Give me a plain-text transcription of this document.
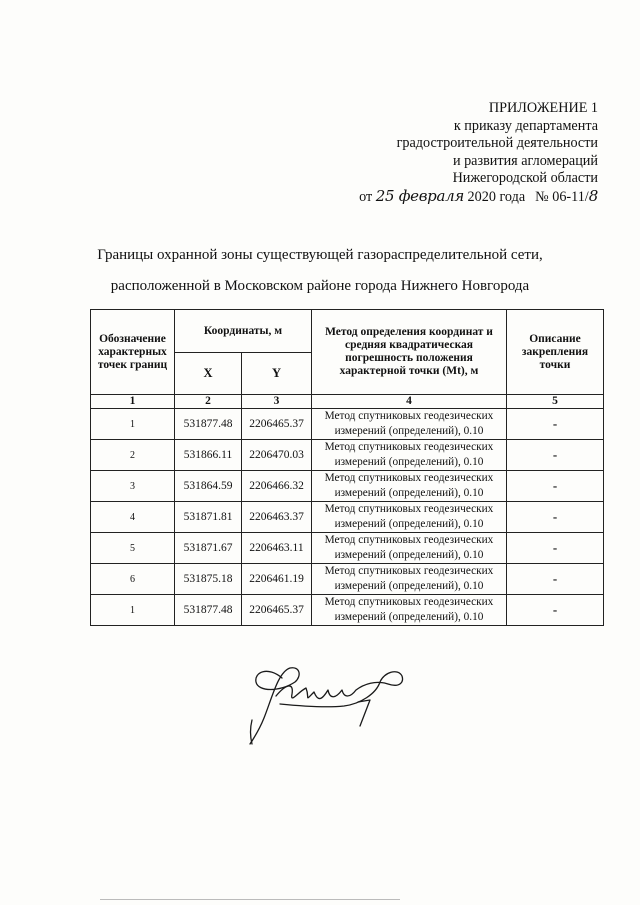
ПРИЛОЖЕНИЕ 1
к приказу департамента
градостроительной деятельности
и развития агломераций
Нижегородской области
от 25 февраля 2020 года № 06-11/8
Границы охранной зоны существующей газораспределительной сети,
расположенной в Московском районе города Нижнего Новгорода
Обозначение характерных точек границ	Координаты, м		Метод определения координат и средняя квадратическая погрешность положения характерной точки (Mt), м	Описание закрепления точки
	X	Y		
1	2	3	4	5
1	531877.48	2206465.37	Метод спутниковых геодезических измерений (определений), 0.10	-
2	531866.11	2206470.03	Метод спутниковых геодезических измерений (определений), 0.10	-
3	531864.59	2206466.32	Метод спутниковых геодезических измерений (определений), 0.10	-
4	531871.81	2206463.37	Метод спутниковых геодезических измерений (определений), 0.10	-
5	531871.67	2206463.11	Метод спутниковых геодезических измерений (определений), 0.10	-
6	531875.18	2206461.19	Метод спутниковых геодезических измерений (определений), 0.10	-
1	531877.48	2206465.37	Метод спутниковых геодезических измерений (определений), 0.10	-
